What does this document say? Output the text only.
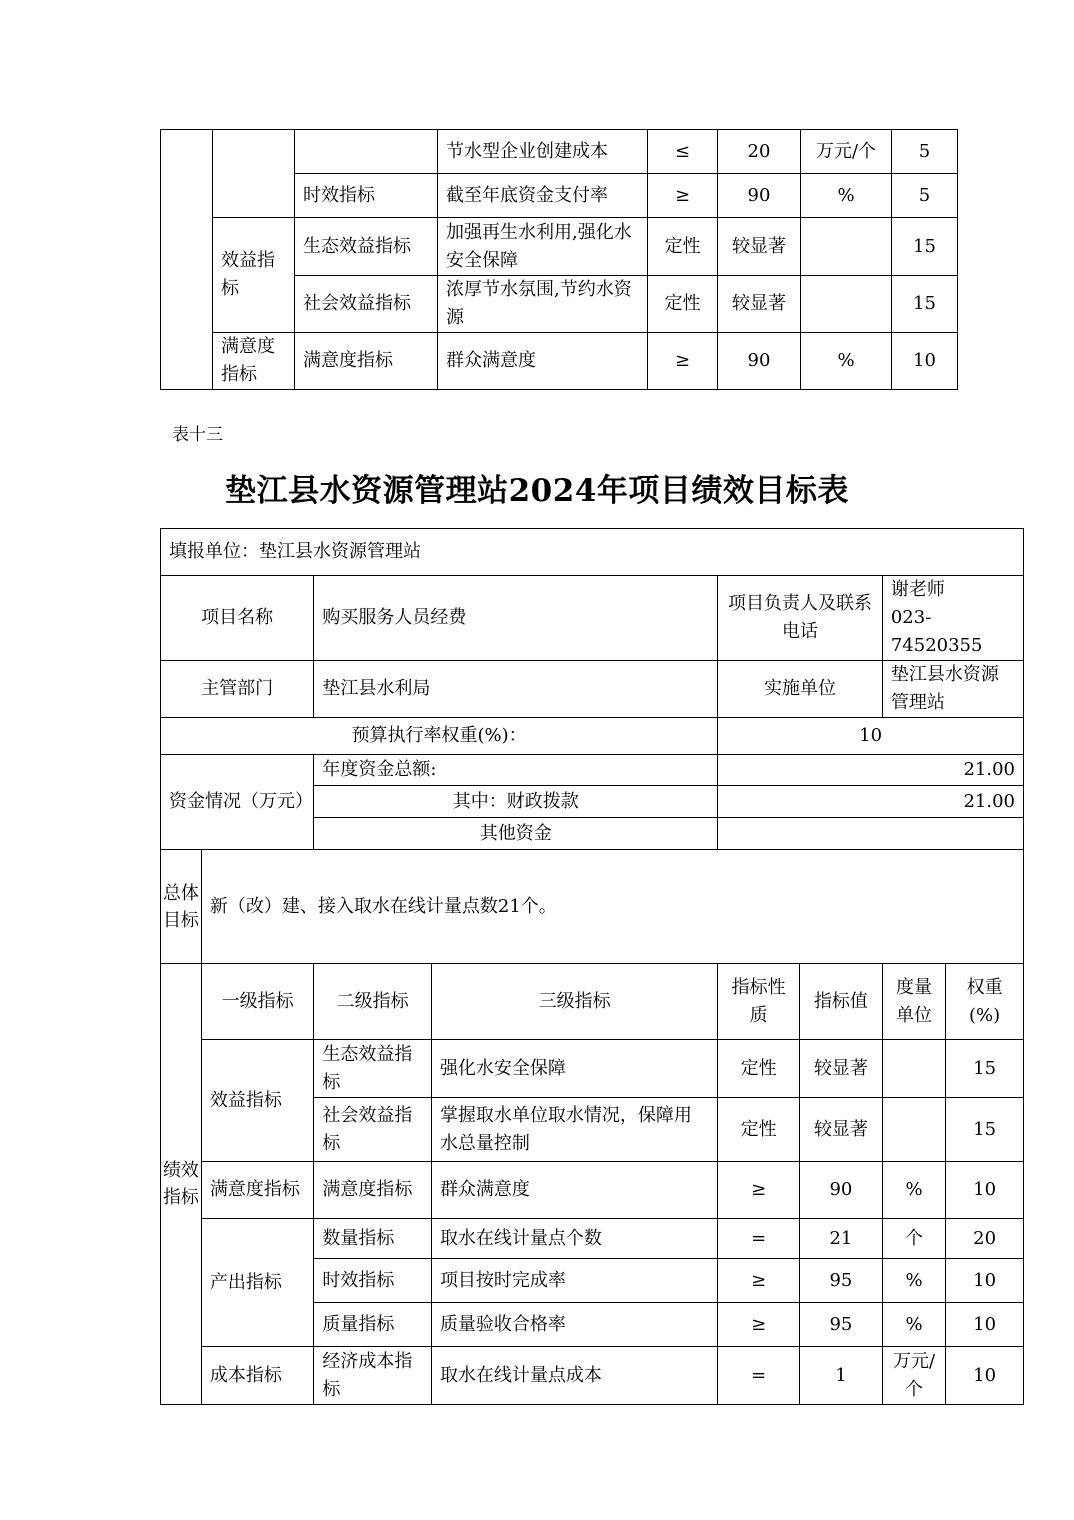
			节水型企业创建成本	≤	20	万元/个	5
		时效指标	截至年底资金支付率	≥	90	%	5
	效益指标	生态效益指标	加强再生水利用,强化水安全保障	定性	较显著		15
		社会效益指标	浓厚节水氛围,节约水资源	定性	较显著		15
	满意度指标	满意度指标	群众满意度	≥	90	%	10
表十三
垫江县水资源管理站2024年项目绩效目标表
填报单位：垫江县水资源管理站							
项目名称		购买服务人员经费		项目负责人及联系电话		谢老师
023-74520355	

主管部门		垫江县水利局		实施单位		垫江县水资源管理站	
预算执行率权重(%)：				10			
资金情况（万元）		年度资金总额:		21.00			
		其中：财政拨款		21.00			
		其他资金					
总体目标	新（改）建、接入取水在线计量点数21个。						
绩效指标	一级指标	二级指标	三级指标	指标性质	指标值	度量单位	权重(%)
	效益指标	生态效益指标	强化水安全保障	定性	较显著		15
		社会效益指标	掌握取水单位取水情况，保障用水总量控制	定性	较显著		15
	满意度指标	满意度指标	群众满意度	≥	90	%	10
	产出指标	数量指标	取水在线计量点个数	=	21	个	20
		时效指标	项目按时完成率	≥	95	%	10
		质量指标	质量验收合格率	≥	95	%	10
	成本指标	经济成本指标	取水在线计量点成本	=	1	万元/个	10
